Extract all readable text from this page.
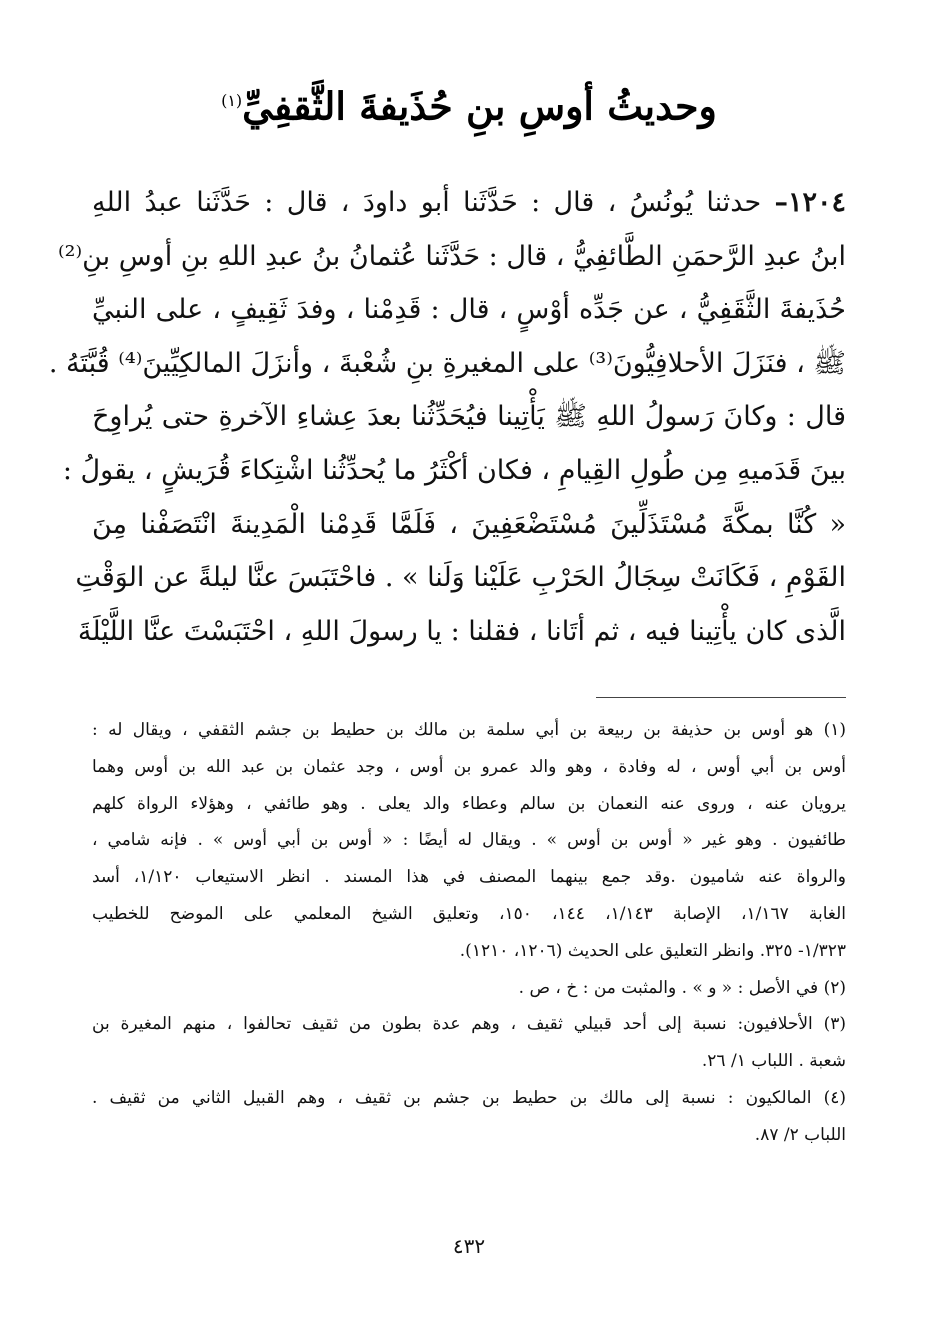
وحديثُ أوسِ بنِ حُذَيفةَ الثَّقفِيِّ$^{(١)}$
١٢٠٤– حدثنا يُونُسُ ، قال : حَدَّثَنا أبو داودَ ، قال : حَدَّثَنا عبدُ اللهِ
ابنُ عبدِ الرَّحمَنِ الطَّائفِيُّ ، قال : حَدَّثَنا عُثمانُ بنُ عبدِ اللهِ بنِ أوسِ بنِ⁽²⁾
حُذَيفةَ الثَّقَفِيُّ ، عن جَدِّه أوْسٍ ، قال : قَدِمْنا ، وفدَ ثَقِيفٍ ، على النبيِّ
ﷺ ، فنَزَلَ الأحلافِيُّونَ⁽³⁾ على المغيرةِ بنِ شُعْبةَ ، وأنزَلَ المالكِيِّينَ⁽⁴⁾ قُبَّتَهُ .
قال : وكانَ رَسولُ اللهِ ﷺ يَأْتِينا فيُحَدِّثُنا بعدَ عِشاءِ الآخرةِ حتى يُراوِحَ
بينَ قَدَميهِ مِن طُولِ القِيامِ ، فكان أكْثَرُ ما يُحدِّثُنا اشْتِكاءَ قُرَيشٍ ، يقولُ :
« كُنَّا بمكَّةَ مُسْتَذَلِّينَ مُسْتَضْعَفِينَ ، فَلَمَّا قَدِمْنا الْمَدِينةَ انْتَصَفْنا مِنَ
القَوْمِ ، فَكَانَتْ سِجَالُ الحَرْبِ عَلَيْنا وَلَنا » . فاحْتَبَسَ عنَّا ليلةً عن الوَقْتِ
الَّذى كان يأْتِينا فيه ، ثم أتَانا ، فقلنا : يا رسولَ اللهِ ، احْتَبَسْتَ عنَّا اللَّيْلَةَ
(١) هو أوس بن حذيفة بن ربيعة بن أبي سلمة بن مالك بن حطيط بن جشم الثقفي ، ويقال له :
أوس بن أبي أوس ، له وفادة ، وهو والد عمرو بن أوس ، وجد عثمان بن عبد الله بن أوس وهما
يرويان عنه ، وروى عنه النعمان بن سالم وعطاء والد يعلى . وهو طائفي ، وهؤلاء الرواة كلهم
طائفيون . وهو غير « أوس بن أوس » . ويقال له أيضًا : « أوس بن أبي أوس » . فإنه شامي ،
والرواة عنه شاميون .وقد جمع بينهما المصنف في هذا المسند . انظر الاستيعاب ١/١٢٠، أسد
الغابة ١/١٦٧، الإصابة ١/١٤٣، ١٤٤، ١٥٠، وتعليق الشيخ المعلمي على الموضح للخطيب
١/٣٢٣- ٣٢٥. وانظر التعليق على الحديث (١٢٠٦، ١٢١٠).
(٢) في الأصل : « و » . والمثبت من : خ ، ص .
(٣) الأحلافيون: نسبة إلى أحد قبيلي ثقيف ، وهم عدة بطون من ثقيف تحالفوا ، منهم المغيرة بن
شعبة . اللباب ١/ ٢٦.
(٤) المالكيون : نسبة إلى مالك بن حطيط بن جشم بن ثقيف ، وهم القبيل الثاني من ثقيف .
اللباب ٢/ ٨٧.
٤٣٢
